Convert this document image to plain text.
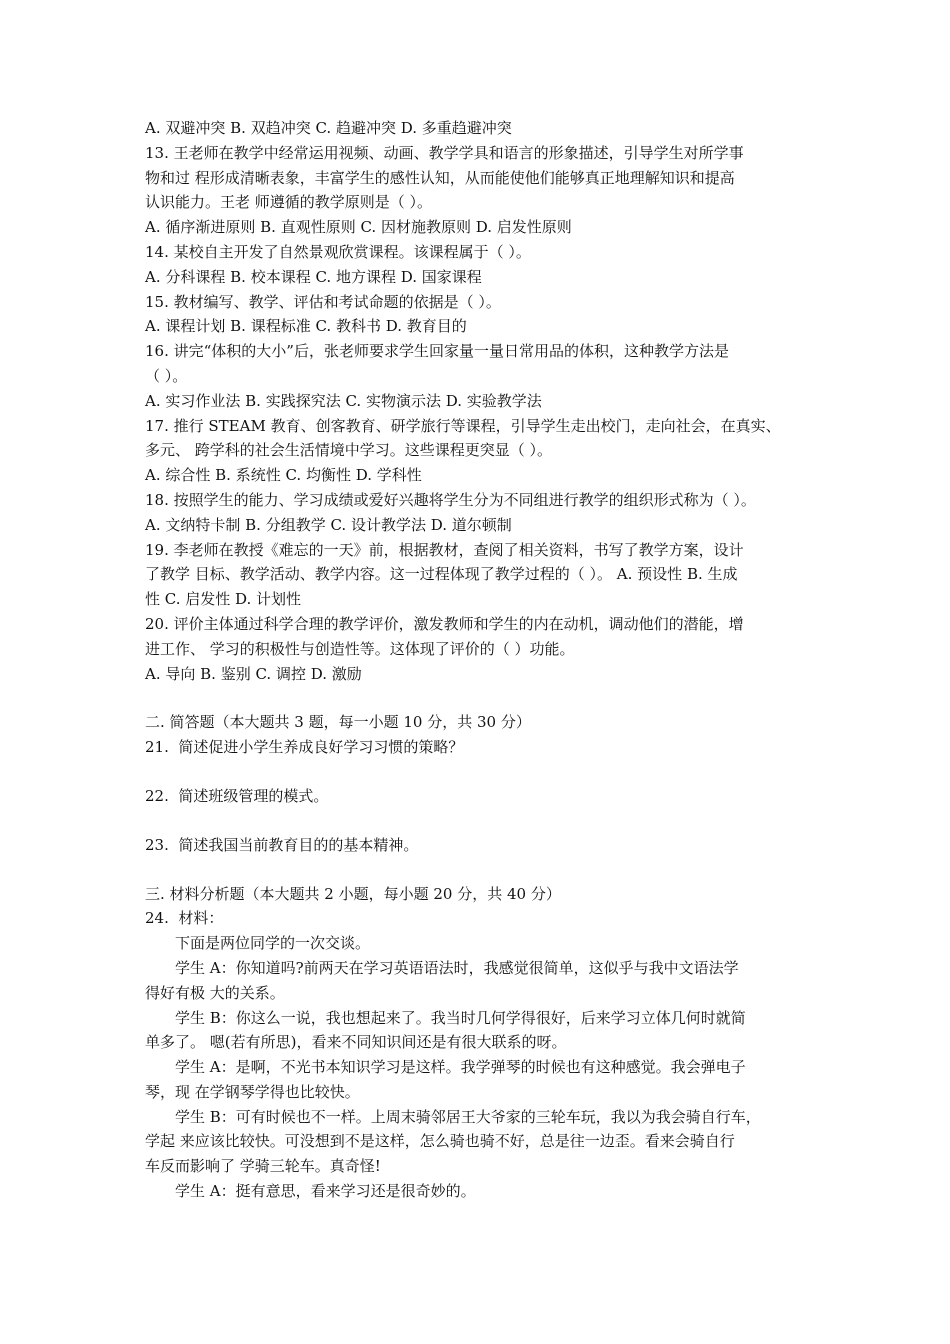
A. 双避冲突 B. 双趋冲突 C. 趋避冲突 D. 多重趋避冲突

13. 王老师在教学中经常运用视频、动画、教学学具和语言的形象描述，引导学生对所学事

物和过 程形成清晰表象，丰富学生的感性认知，从而能使他们能够真正地理解知识和提高

认识能力。王老 师遵循的教学原则是（ ）。

A. 循序渐进原则 B. 直观性原则 C. 因材施教原则 D. 启发性原则

14. 某校自主开发了自然景观欣赏课程。该课程属于（ ）。

A. 分科课程 B. 校本课程 C. 地方课程 D. 国家课程

15. 教材编写、教学、评估和考试命题的依据是（ ）。

A. 课程计划 B. 课程标准 C. 教科书 D. 教育目的

16. 讲完“体积的大小”后，张老师要求学生回家量一量日常用品的体积，这种教学方法是

（ ）。

A. 实习作业法 B. 实践探究法 C. 实物演示法 D. 实验教学法

17. 推行 STEAM 教育、创客教育、研学旅行等课程，引导学生走出校门，走向社会，在真实、

多元、 跨学科的社会生活情境中学习。这些课程更突显（ ）。

A. 综合性 B. 系统性 C. 均衡性 D. 学科性

18. 按照学生的能力、学习成绩或爱好兴趣将学生分为不同组进行教学的组织形式称为（ ）。

A. 文纳特卡制 B. 分组教学 C. 设计教学法 D. 道尔顿制

19. 李老师在教授《难忘的一天》前，根据教材，查阅了相关资料，书写了教学方案，设计

了教学 目标、教学活动、教学内容。这一过程体现了教学过程的（ ）。 A. 预设性 B. 生成

性 C. 启发性 D. 计划性

20. 评价主体通过科学合理的教学评价，激发教师和学生的内在动机，调动他们的潜能，增

进工作、 学习的积极性与创造性等。这体现了评价的（ ）功能。

A. 导向 B. 鉴别 C. 调控 D. 激励

二. 简答题（本大题共 3 题，每一小题 10 分，共 30 分）

21.  简述促进小学生养成良好学习习惯的策略？

22.  简述班级管理的模式。

23.  简述我国当前教育目的的基本精神。

三. 材料分析题（本大题共 2 小题，每小题 20 分，共 40 分）

24.  材料：

下面是两位同学的一次交谈。

学生 A：你知道吗?前两天在学习英语语法时，我感觉很简单，这似乎与我中文语法学

得好有极 大的关系。

学生 B：你这么一说，我也想起来了。我当时几何学得很好，后来学习立体几何时就简

单多了。 嗯(若有所思)，看来不同知识间还是有很大联系的呀。

学生 A：是啊，不光书本知识学习是这样。我学弹琴的时候也有这种感觉。我会弹电子

琴，现 在学钢琴学得也比较快。

学生 B：可有时候也不一样。上周末骑邻居王大爷家的三轮车玩，我以为我会骑自行车，

学起 来应该比较快。可没想到不是这样，怎么骑也骑不好，总是往一边歪。看来会骑自行

车反而影响了 学骑三轮车。真奇怪!

学生 A：挺有意思，看来学习还是很奇妙的。
